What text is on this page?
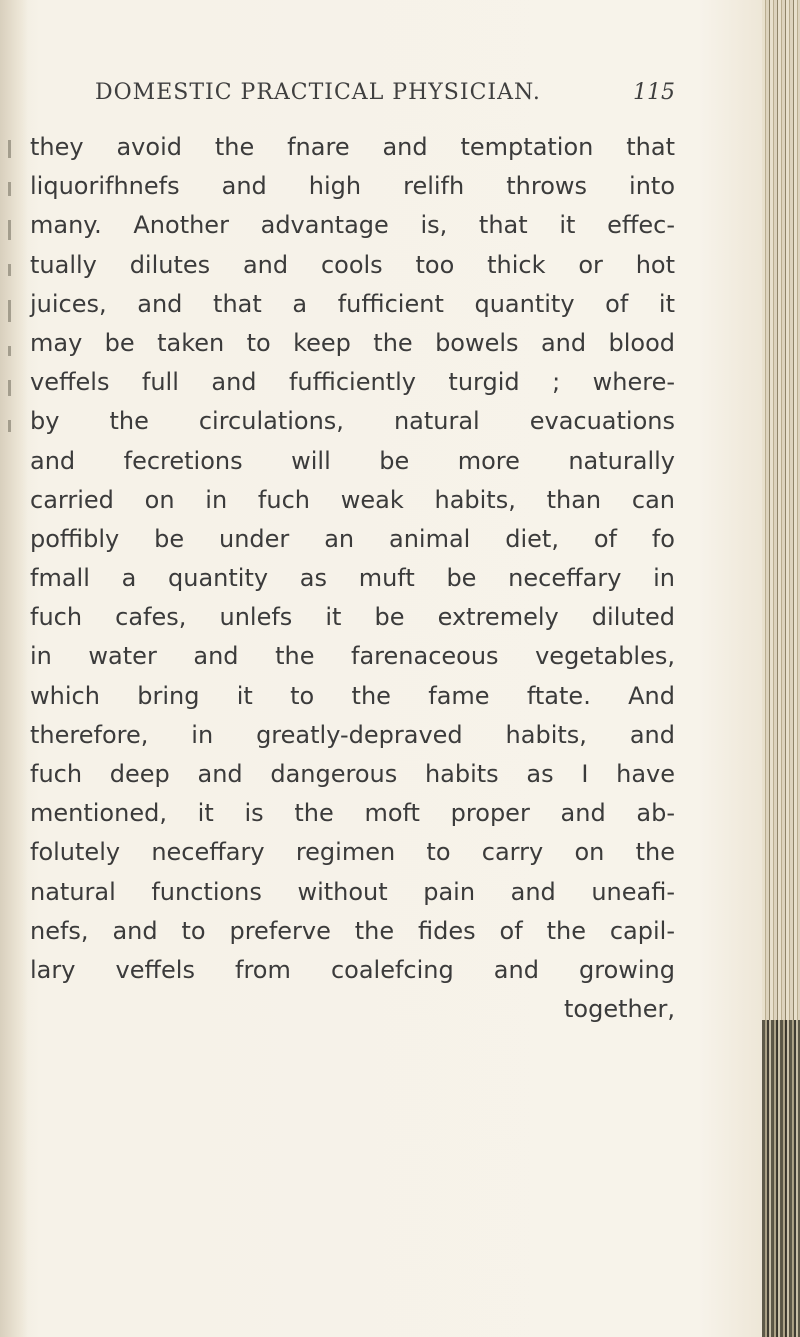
DOMESTIC PRACTICAL PHYSICIAN.	115
they avoid the fnare and temptation that
liquorifhnefs and high relifh throws into
many. Another advantage is, that it effec-
tually dilutes and cools too thick or hot
juices, and that a fufficient quantity of it
may be taken to keep the bowels and blood
veffels full and fufficiently turgid ; where-
by the circulations, natural evacuations
and fecretions will be more naturally
carried on in fuch weak habits, than can
poffibly be under an animal diet, of fo
fmall a quantity as muft be neceffary in
fuch cafes, unlefs it be extremely diluted
in water and the farenaceous vegetables,
which bring it to the fame ftate. And
therefore, in greatly-depraved habits, and
fuch deep and dangerous habits as I have
mentioned, it is the moft proper and ab-
folutely neceffary regimen to carry on the
natural functions without pain and uneafi-
nefs, and to preferve the fides of the capil-
lary veffels from coalefcing and growing
together,
